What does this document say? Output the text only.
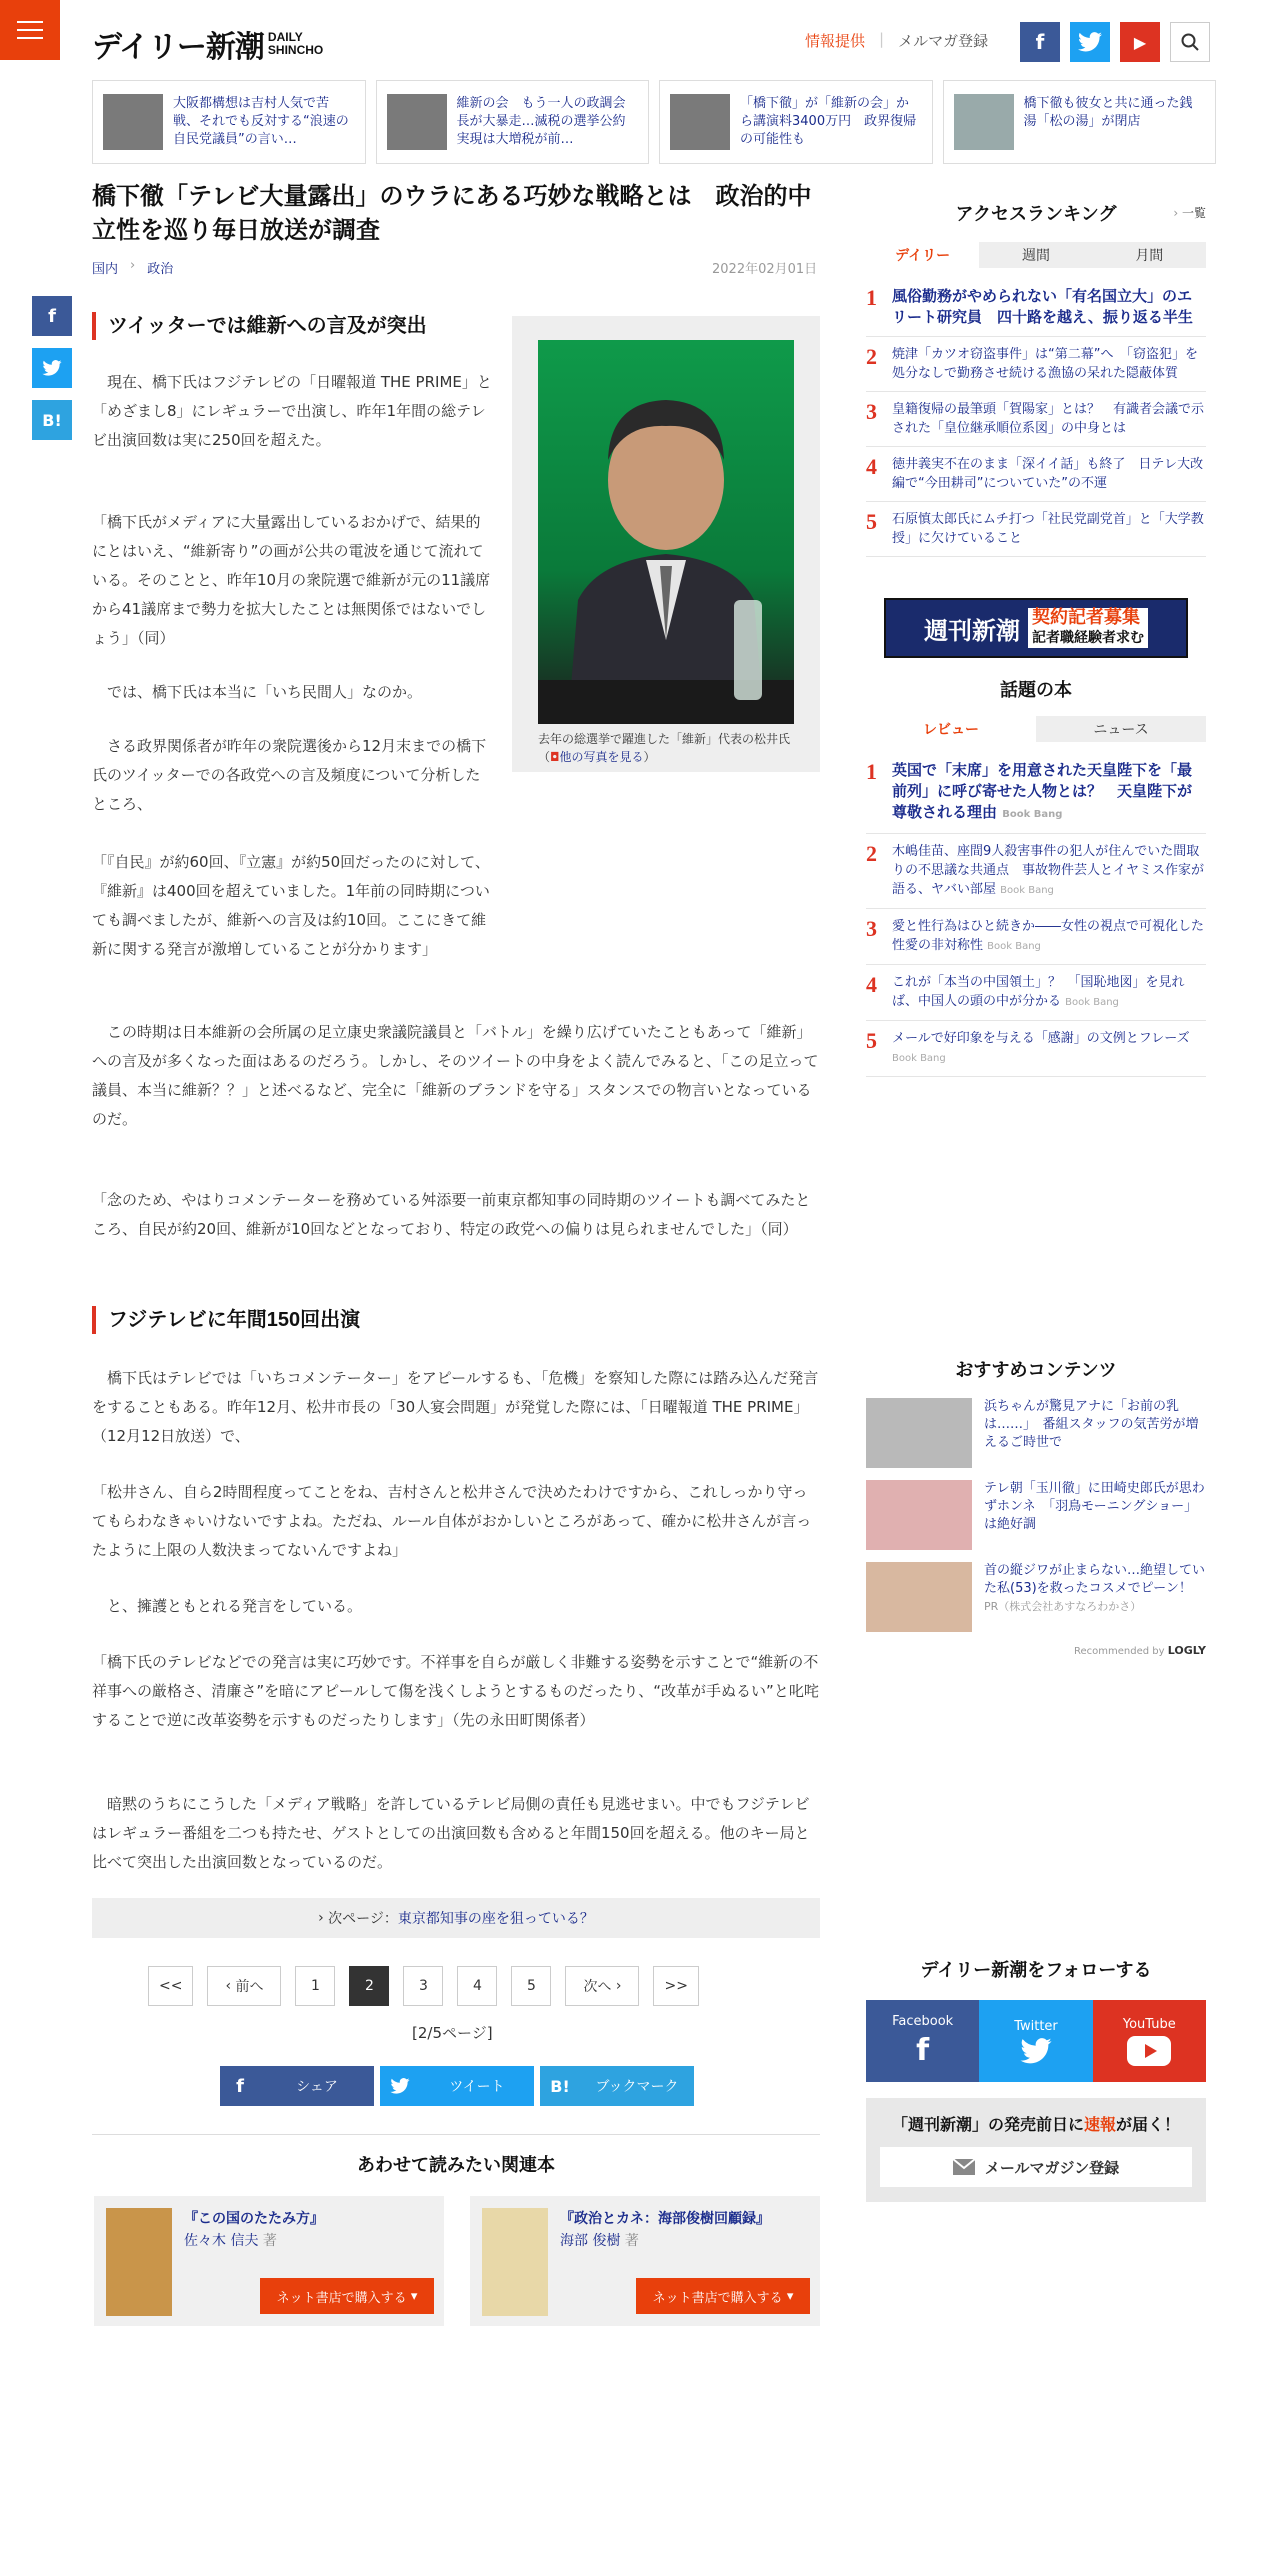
デイリー新潮 DAILY
SHINCHO	情報提供 | メルマガ登録 f	▶
大阪都構想は吉村人気で苦戦、それでも反対する“浪速の自民党議員”の言い…
維新の会　もう一人の政調会長が大暴走…滅税の選挙公約実現は大増税が前…
「橋下徹」が「維新の会」から講演料3400万円　政界復帰の可能性も
橋下徹も彼女と共に通った銭湯「松の湯」が閉店
橋下徹「テレビ大量露出」のウラにある巧妙な戦略とは　政治的中立性を巡り毎日放送が調査
国内 › 政治	2022年02月01日
f
B!
ツイッターでは維新への言及が突出
去年の総選挙で躍進した「維新」代表の松井氏（◘他の写真を見る）

　現在、橋下氏はフジテレビの「日曜報道 THE PRIME」と「めざまし8」にレギュラーで出演し、昨年1年間の総テレビ出演回数は実に250回を超えた。

「橋下氏がメディアに大量露出しているおかげで、結果的にとはいえ、“維新寄り”の画が公共の電波を通じて流れている。そのことと、昨年10月の衆院選で維新が元の11議席から41議席まで勢力を拡大したことは無関係ではないでしょう」（同）

　では、橋下氏は本当に「いち民間人」なのか。

　さる政界関係者が昨年の衆院選後から12月末までの橋下氏のツイッターでの各政党への言及頻度について分析したところ、

「『自民』が約60回、『立憲』が約50回だったのに対して、『維新』は400回を超えていました。1年前の同時期についても調べましたが、維新への言及は約10回。ここにきて維新に関する発言が激増していることが分かります」

　この時期は日本維新の会所属の足立康史衆議院議員と「バトル」を繰り広げていたこともあって「維新」への言及が多くなった面はあるのだろう。しかし、そのツイートの中身をよく読んでみると、「この足立って議員、本当に維新？？」と述べるなど、完全に「維新のブランドを守る」スタンスでの物言いとなっているのだ。

「念のため、やはりコメンテーターを務めている舛添要一前東京都知事の同時期のツイートも調べてみたところ、自民が約20回、維新が10回などとなっており、特定の政党への偏りは見られませんでした」（同）

フジテレビに年間150回出演

　橋下氏はテレビでは「いちコメンテーター」をアピールするも、「危機」を察知した際には踏み込んだ発言をすることもある。昨年12月、松井市長の「30人宴会問題」が発覚した際には、「日曜報道 THE PRIME」（12月12日放送）で、

「松井さん、自ら2時間程度ってことをね、吉村さんと松井さんで決めたわけですから、これしっかり守ってもらわなきゃいけないですよね。ただね、ルール自体がおかしいところがあって、確かに松井さんが言ったように上限の人数決まってないんですよね」

　と、擁護ともとれる発言をしている。

「橋下氏のテレビなどでの発言は実に巧妙です。不祥事を自らが厳しく非難する姿勢を示すことで“維新の不祥事への厳格さ、清廉さ”を暗にアピールして傷を浅くしようとするものだったり、“改革が手ぬるい”と叱咤することで逆に改革姿勢を示すものだったりします」（先の永田町関係者）

　暗黙のうちにこうした「メディア戦略」を許しているテレビ局側の責任も見逃せまい。中でもフジテレビはレギュラー番組を二つも持たせ、ゲストとしての出演回数も含めると年間150回を超える。他のキー局と比べて突出した出演回数となっているのだ。

› 次ページ： 東京都知事の座を狙っている？
<<	‹ 前へ	1	2	3	4	5	次へ ›	>>
[2/5ページ]
f	シェア	ツイート	B!	ブックマーク
あわせて読みたい関連本
『この国のたたみ方』
佐々木 信夫 著
ネット書店で購入する
▾
『政治とカネ：海部俊樹回顧録』
海部 俊樹 著
ネット書店で購入する
▾
アクセスランキング	› 一覧
デイリー	週間	月間
1	風俗勤務がやめられない「有名国立大」のエリート研究員　四十路を越え、振り返る半生
2	焼津「カツオ窃盗事件」は“第二幕”へ　「窃盗犯」を処分なしで勤務させ続ける漁協の呆れた隠蔽体質
3	皇籍復帰の最筆頭「賀陽家」とは？　有識者会議で示された「皇位継承順位系図」の中身とは
4	徳井義実不在のまま「深イイ話」も終了　日テレ大改編で“今田耕司”についていた”の不運
5	石原慎太郎氏にムチ打つ「社民党副党首」と「大学教授」に欠けていること
週刊新潮
契約記者募集
記者職経験者求む
話題の本
レビュー	ニュース
1	英国で「末席」を用意された天皇陛下を「最前列」に呼び寄せた人物とは？　天皇陛下が尊敬される理由 Book Bang
2	木嶋佳苗、座間9人殺害事件の犯人が住んでいた間取りの不思議な共通点　事故物件芸人とイヤミス作家が語る、ヤバい部屋 Book Bang
3	愛と性行為はひと続きか――女性の視点で可視化した性愛の非対称性 Book Bang
4	これが「本当の中国領土」？　「国恥地図」を見れば、中国人の頭の中が分かる Book Bang
5	メールで好印象を与える「感謝」の文例とフレーズ Book Bang
おすすめコンテンツ
浜ちゃんが驚見アナに「お前の乳は……」　番組スタッフの気苦労が増えるご時世で
テレ朝「玉川徹」に田崎史郎氏が思わずホンネ　「羽鳥モーニングショー」は絶好調
首の縦ジワが止まらない…絶望していた私(53)を救ったコスメでピーン！
PR（株式会社あすなろわかさ）
Recommended by LOGLY
デイリー新潮をフォローする
Facebook
f
Twitter	YouTube
「週刊新潮」の発売前日に速報が届く！
メールマガジン登録
